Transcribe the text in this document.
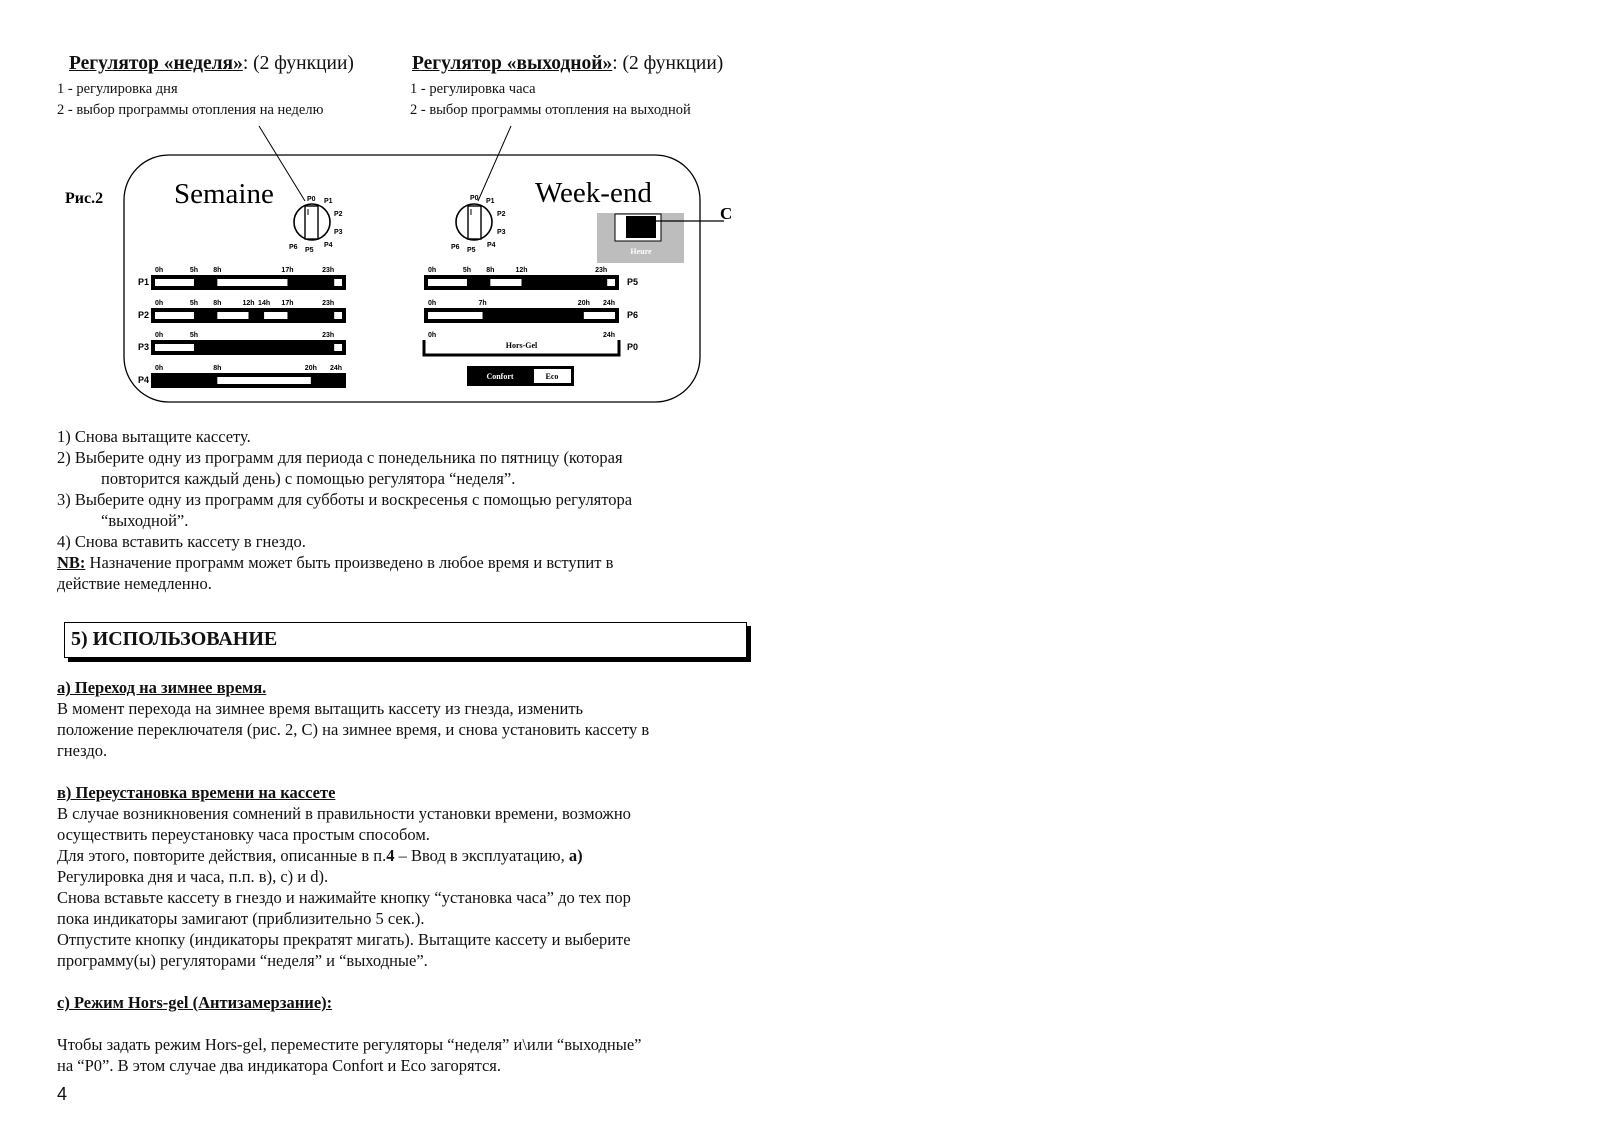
Регулятор «неделя»: (2 функции)
1 - регулировка дня
2 - выбор программы отопления на неделю
Регулятор «выходной»: (2 функции)
1 - регулировка часа
2 - выбор программы отопления на выходной
Рис.2 Semaine	Week-end
P0 P1
P2
P3
P4
P5
P6
P0 P1
P2
P3
P4
P5
P6	Heure
C
0h	5h 8h	17h	23h
P1
0h	5h 8h	12h 14h 17h	23h
P2
0h	5h	23h
P3
0h	8h	20h 24h
P4
0h	5h 8h	12h	23h
P5
0h	7h	20h 24h
P6
Hors-Gel
0h	24h
P0
Confort	Eco
1) Снова вытащите кассету.
2) Выберите одну из программ для периода с понедельника по пятницу (которая
повторится каждый день) с помощью регулятора “неделя”.
3) Выберите одну из программ для субботы и воскресенья с помощью регулятора
“выходной”.
4) Снова вставить кассету в гнездо.
NB: Назначение программ может быть произведено в любое время и вступит в
действие немедленно.
5) ИСПОЛЬЗОВАНИЕ
а) Переход на зимнее время.
В момент перехода на зимнее время вытащить кассету из гнезда, изменить
положение переключателя (рис. 2, С) на зимнее время, и снова установить кассету в
гнездо.
в) Переустановка времени на кассете
В случае возникновения сомнений в правильности установки времени, возможно
осуществить переустановку часа простым способом.
Для этого, повторите действия, описанные в п.4 – Ввод в эксплуатацию, а)
Регулировка дня и часа, п.п. в), с) и d).
Снова вставьте кассету в гнездо и нажимайте кнопку “установка часа” до тех пор
пока индикаторы замигают (приблизительно 5 сек.).
Отпустите кнопку (индикаторы прекратят мигать). Вытащите кассету и выберите
программу(ы) регуляторами “неделя” и “выходные”.
с) Режим Hors-gel (Антизамерзание):
Чтобы задать режим Hors-gel, переместите регуляторы “неделя” и\или “выходные”
на “P0”. В этом случае два индикатора Confort и Eco загорятся.
4
